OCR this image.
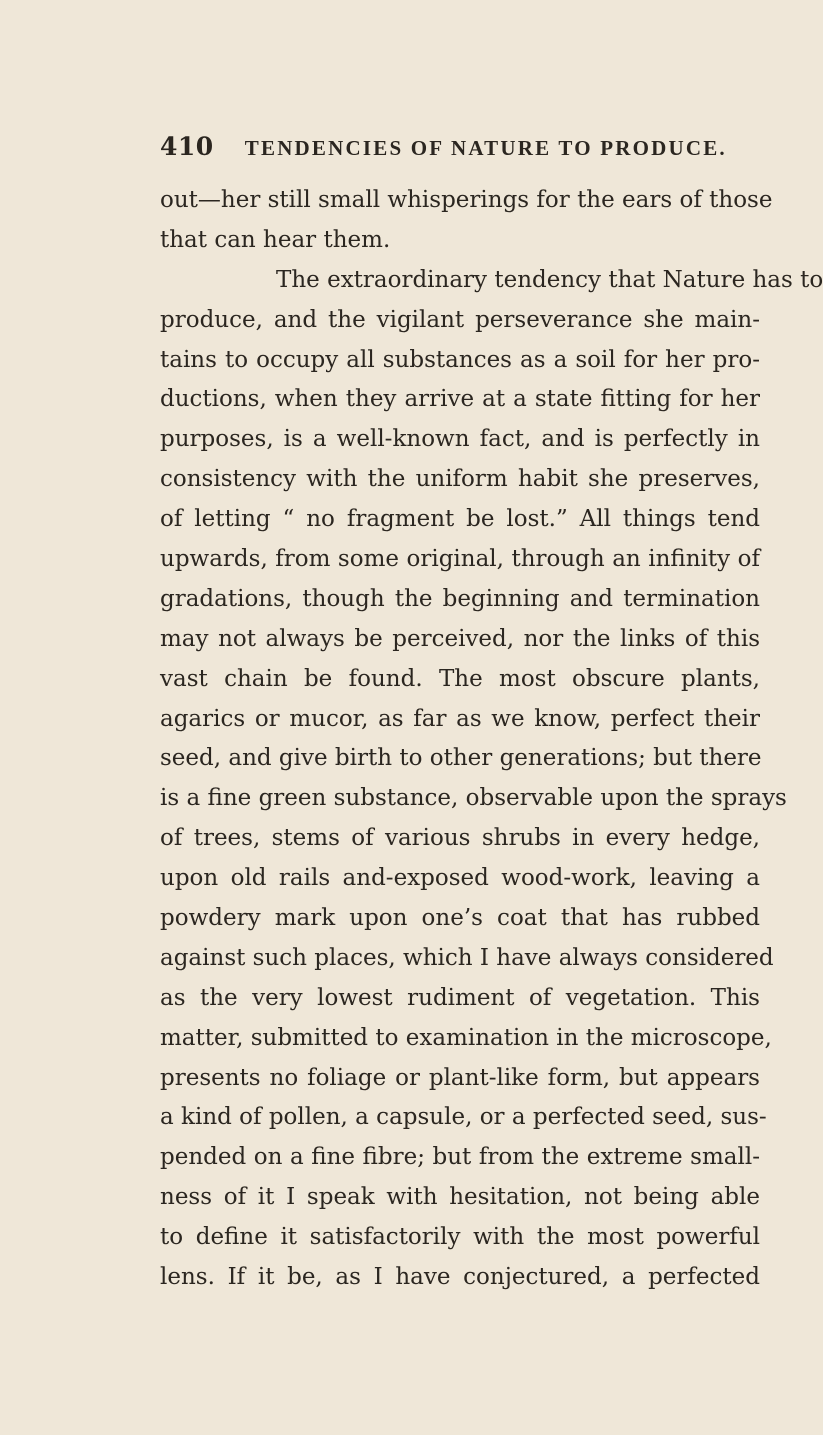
410 TENDENCIES OF NATURE TO PRODUCE.
out—her still small whisperings for the ears of those
that can hear them.
The extraordinary tendency that Nature has to
produce, and the vigilant perseverance she main-
tains to occupy all substances as a soil for her pro-
ductions, when they arrive at a state fitting for her
purposes, is a well-known fact, and is perfectly in
consistency with the uniform habit she preserves,
of letting “ no fragment be lost.” All things tend
upwards, from some original, through an infinity of
gradations, though the beginning and termination
may not always be perceived, nor the links of this
vast chain be found. The most obscure plants,
agarics or mucor, as far as we know, perfect their
seed, and give birth to other generations; but there
is a fine green substance, observable upon the sprays
of trees, stems of various shrubs in every hedge,
upon old rails and-exposed wood-work, leaving a
powdery mark upon one’s coat that has rubbed
against such places, which I have always considered
as the very lowest rudiment of vegetation. This
matter, submitted to examination in the microscope,
presents no foliage or plant-like form, but appears
a kind of pollen, a capsule, or a perfected seed, sus-
pended on a fine fibre; but from the extreme small-
ness of it I speak with hesitation, not being able
to define it satisfactorily with the most powerful
lens. If it be, as I have conjectured, a perfected
